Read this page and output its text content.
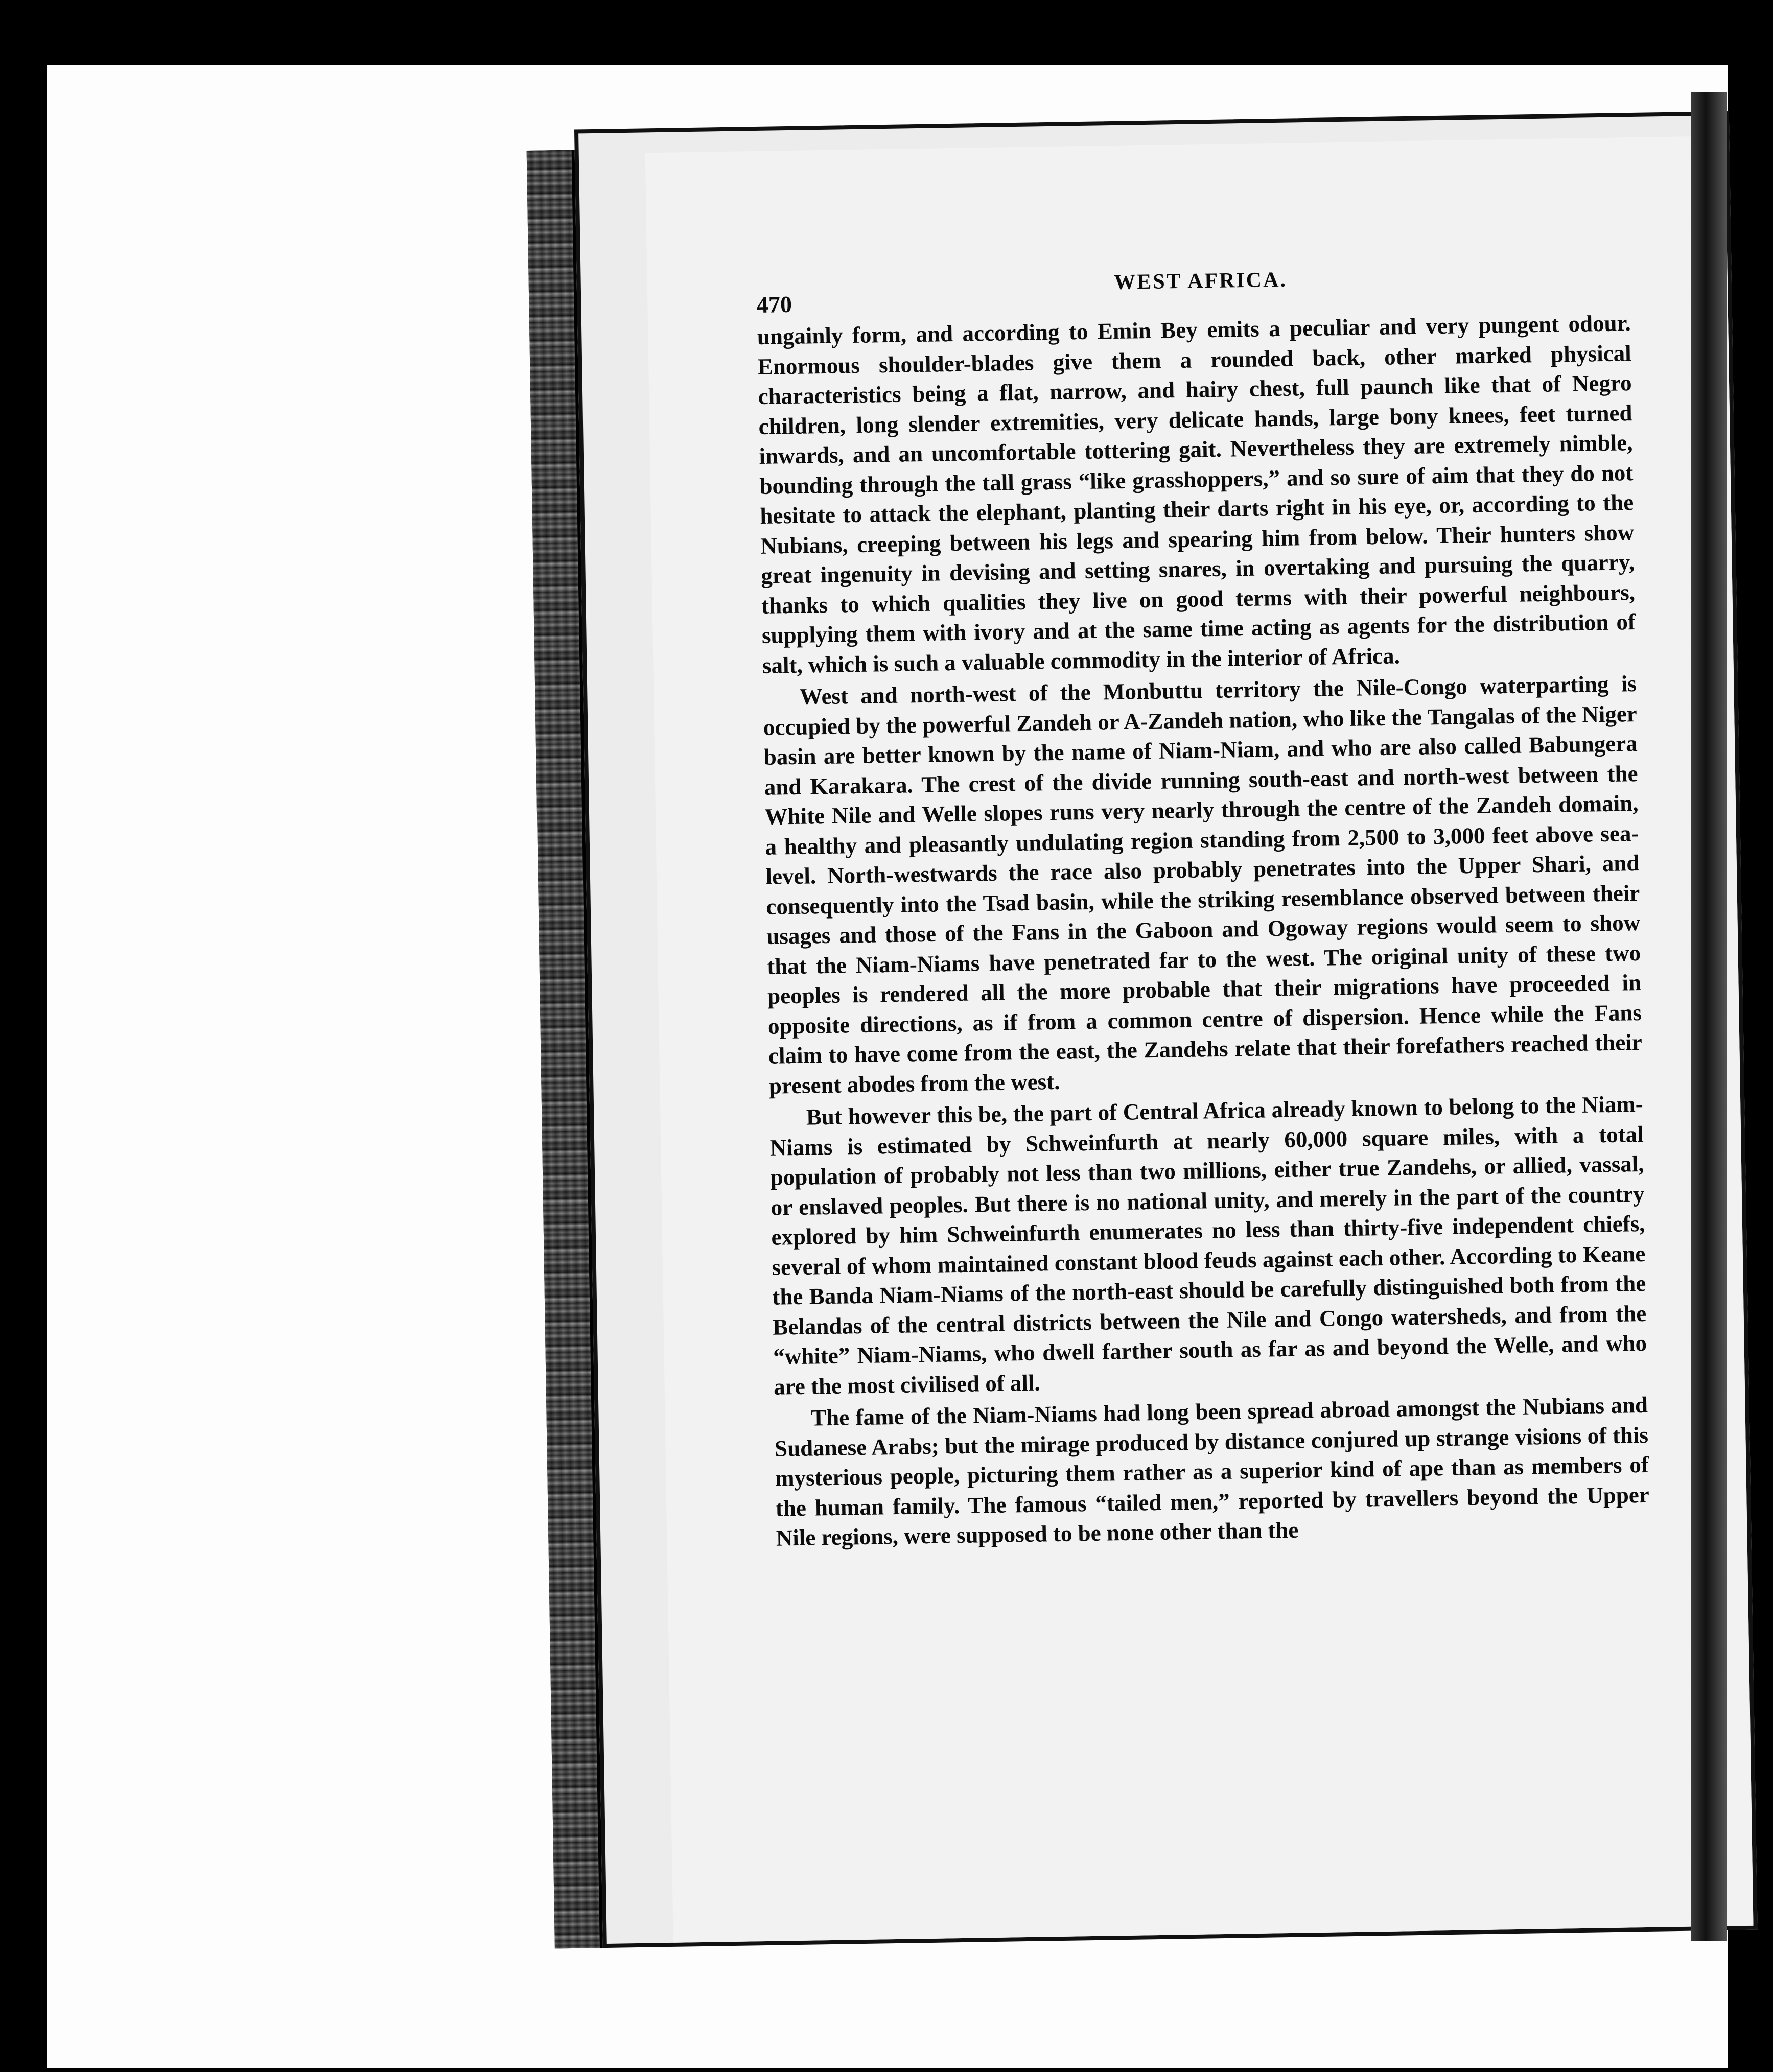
470
WEST AFRICA.

ungainly form, and according to Emin Bey emits a peculiar and very pungent odour. Enormous shoulder-blades give them a rounded back, other marked physical characteristics being a flat, narrow, and hairy chest, full paunch like that of Negro children, long slender extremities, very delicate hands, large bony knees, feet turned inwards, and an uncomfortable tottering gait. Nevertheless they are extremely nimble, bounding through the tall grass “like grasshoppers,” and so sure of aim that they do not hesitate to attack the elephant, planting their darts right in his eye, or, according to the Nubians, creeping between his legs and spearing him from below. Their hunters show great ingenuity in devising and setting snares, in overtaking and pursuing the quarry, thanks to which qualities they live on good terms with their powerful neighbours, supplying them with ivory and at the same time acting as agents for the distribution of salt, which is such a valuable commodity in the interior of Africa.

West and north-west of the Monbuttu territory the Nile-Congo waterparting is occupied by the powerful Zandeh or A-Zandeh nation, who like the Tangalas of the Niger basin are better known by the name of Niam-Niam, and who are also called Babungera and Karakara. The crest of the divide running south-east and north-west between the White Nile and Welle slopes runs very nearly through the centre of the Zandeh domain, a healthy and pleasantly undulating region standing from 2,500 to 3,000 feet above sea-level. North-westwards the race also probably penetrates into the Upper Shari, and consequently into the Tsad basin, while the striking resemblance observed between their usages and those of the Fans in the Gaboon and Ogoway regions would seem to show that the Niam-Niams have penetrated far to the west. The original unity of these two peoples is rendered all the more probable that their migrations have proceeded in opposite directions, as if from a common centre of dispersion. Hence while the Fans claim to have come from the east, the Zandehs relate that their forefathers reached their present abodes from the west.

But however this be, the part of Central Africa already known to belong to the Niam-Niams is estimated by Schweinfurth at nearly 60,000 square miles, with a total population of probably not less than two millions, either true Zandehs, or allied, vassal, or enslaved peoples. But there is no national unity, and merely in the part of the country explored by him Schweinfurth enumerates no less than thirty-five independent chiefs, several of whom maintained constant blood feuds against each other. According to Keane the Banda Niam-Niams of the north-east should be carefully distinguished both from the Belandas of the central districts between the Nile and Congo watersheds, and from the “white” Niam-Niams, who dwell farther south as far as and beyond the Welle, and who are the most civilised of all.

The fame of the Niam-Niams had long been spread abroad amongst the Nubians and Sudanese Arabs; but the mirage produced by distance conjured up strange visions of this mysterious people, picturing them rather as a superior kind of ape than as members of the human family. The famous “tailed men,” reported by travellers beyond the Upper Nile regions, were supposed to be none other than the
